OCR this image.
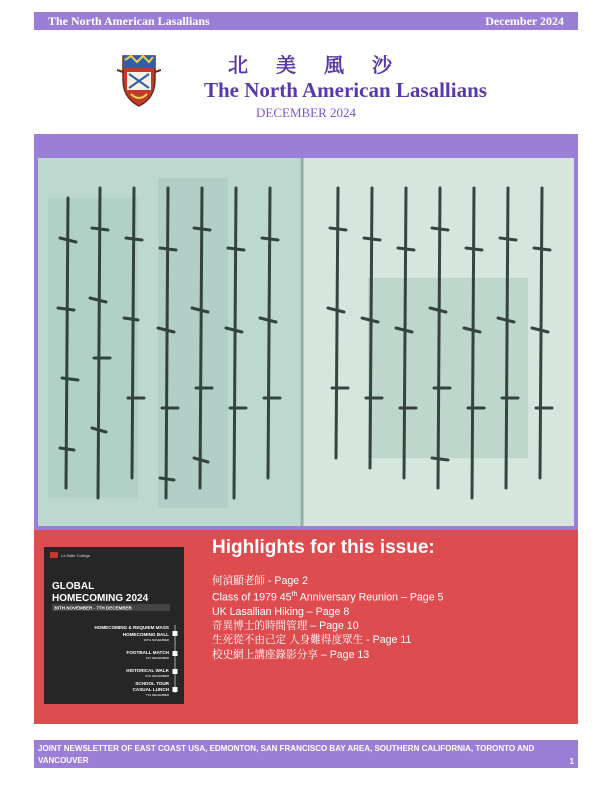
The North American Lasallians	December 2024
北美風沙
The North American Lasallians
DECEMBER 2024
La Salle College
GLOBAL
HOMECOMING 2024
30TH NOVEMBER - 7TH DECEMBER
HOMECOMING & REQUIEM MASS
HOMECOMING BALL
30TH NOVEMBER
FOOTBALL MATCH
1ST DECEMBER
HISTORICAL WALK
6TH DECEMBER
SCHOOL TOUR
CASUAL LUNCH
7TH DECEMBER
Highlights for this issue:
何湞顯老師 - Page 2
Class of 1979 45th Anniversary Reunion – Page 5
UK Lasallian Hiking – Page 8
奇異博士的時間管理 – Page 10
生死從不由己定 人身難得度眾生 - Page 11
校史網上講座錄影分享 – Page 13
JOINT NEWSLETTER OF EAST COAST USA, EDMONTON, SAN FRANCISCO BAY AREA, SOUTHERN CALIFORNIA, TORONTO AND VANCOUVER	1
